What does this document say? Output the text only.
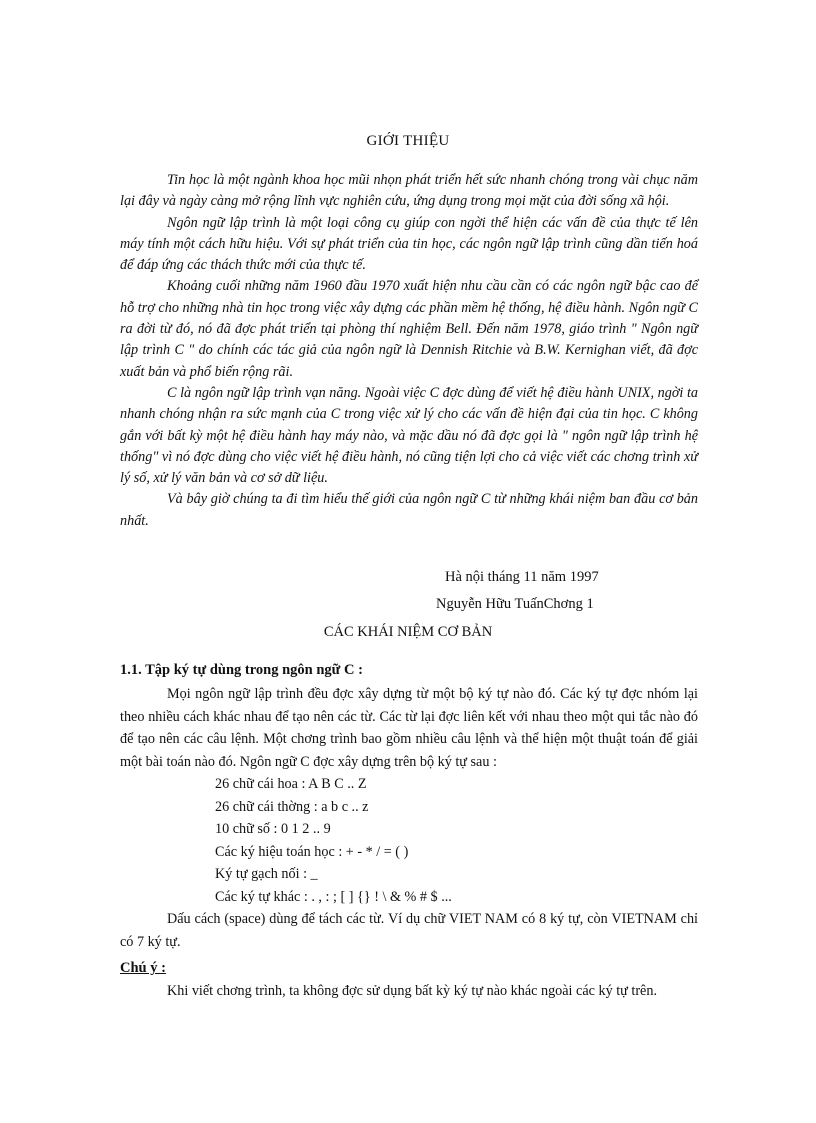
GIỚI THIỆU

Tin học là một ngành khoa học mũi nhọn phát triển hết sức nhanh chóng trong vài chục năm lại đây và ngày càng mở rộng lĩnh vực nghiên cứu, ứng dụng trong mọi mặt của đời sống xã hội.

Ngôn ngữ lập trình là một loại công cụ giúp con ngời thể hiện các vấn đề của thực tế lên máy tính một cách hữu hiệu. Với sự phát triển của tin học, các ngôn ngữ lập trình cũng dần tiến hoá để đáp ứng các thách thức mới của thực tế.

Khoảng cuối những năm 1960 đầu 1970 xuất hiện nhu cầu cần có các ngôn ngữ bậc cao để hỗ trợ cho những nhà tin học trong việc xây dựng các phần mềm hệ thống, hệ điều hành. Ngôn ngữ C ra đời từ đó, nó đã đợc phát triển tại phòng thí nghiệm Bell. Đến năm 1978, giáo trình " Ngôn ngữ lập trình C " do chính các tác giả của ngôn ngữ là Dennish Ritchie và B.W. Kernighan viết, đã đợc xuất bản và phổ biến rộng rãi.

C là ngôn ngữ lập trình vạn năng. Ngoài việc C đợc dùng để viết hệ điều hành UNIX, ngời ta nhanh chóng nhận ra sức mạnh của C trong việc xử lý cho các vấn đề hiện đại của tin học. C không gắn với bất kỳ một hệ điều hành hay máy nào, và mặc dầu nó đã đợc gọi là " ngôn ngữ lập trình hệ thống" vì nó đợc dùng cho việc viết hệ điều hành, nó cũng tiện lợi cho cả việc viết các chơng trình xử lý số, xử lý văn bản và cơ sở dữ liệu.

Và bây giờ chúng ta đi tìm hiểu thế giới của ngôn ngữ C từ những khái niệm ban đầu cơ bản nhất.

Hà nội tháng 11 năm 1997
Nguyễn Hữu TuấnChơng 1
CÁC KHÁI NIỆM CƠ BẢN
1.1. Tập ký tự dùng trong ngôn ngữ C :

Mọi ngôn ngữ lập trình đều đợc xây dựng từ một bộ ký tự nào đó. Các ký tự đợc nhóm lại theo nhiều cách khác nhau để tạo nên các từ. Các từ lại đợc liên kết với nhau theo một qui tắc nào đó để tạo nên các câu lệnh. Một chơng trình bao gồm nhiều câu lệnh và thể hiện một thuật toán để giải một bài toán nào đó. Ngôn ngữ C đợc xây dựng trên bộ ký tự sau :

26 chữ cái hoa : A B C .. Z
26 chữ cái thờng : a b c .. z
10 chữ số : 0 1 2 .. 9
Các ký hiệu toán học : + - * / = ( )
Ký tự gạch nối : _
Các ký tự khác : . , : ; [ ] {} ! \ & % # $ ...

Dấu cách (space) dùng để tách các từ. Ví dụ chữ VIET NAM có 8 ký tự, còn VIETNAM chỉ có 7 ký tự.

Chú ý :
Khi viết chơng trình, ta không đợc sử dụng bất kỳ ký tự nào khác ngoài các ký tự trên.
